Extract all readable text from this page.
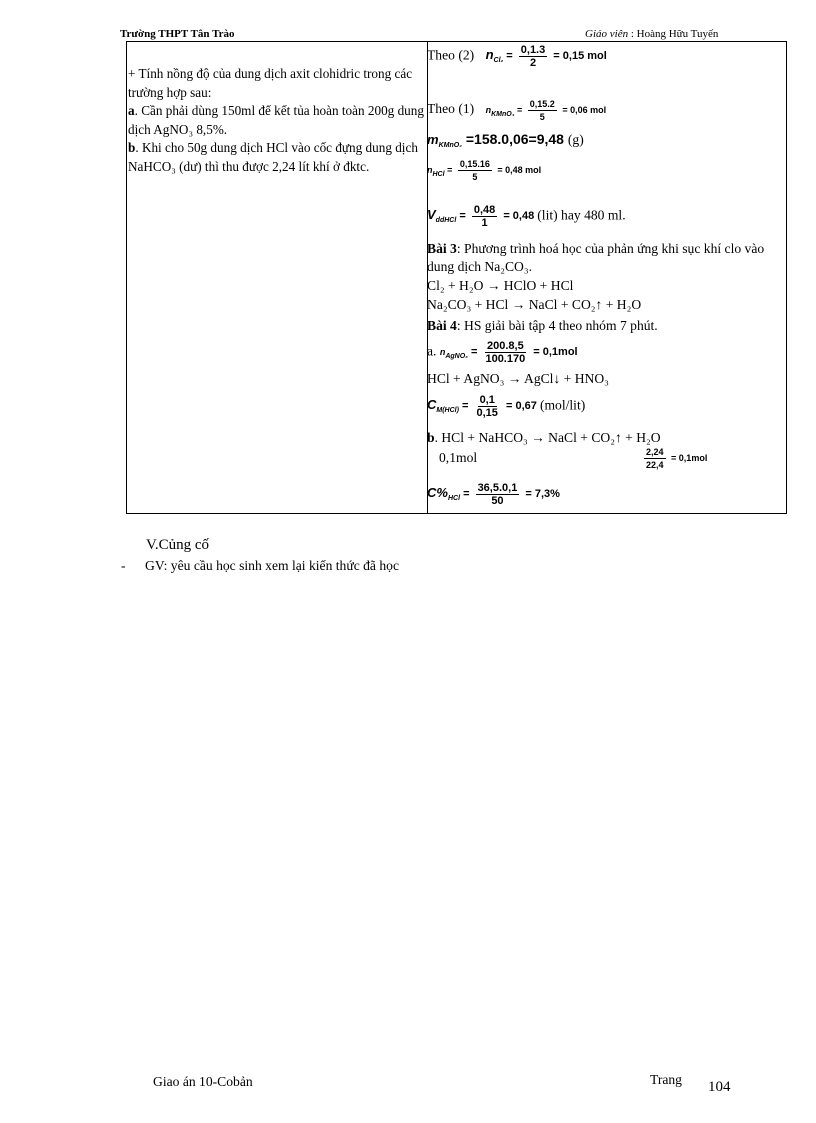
Trường THPT Tân Trào	Giáo viên : Hoàng Hữu Tuyến

+ Tính nồng độ của dung dịch axit clohidric trong các trường hợp sau:

a. Cần phải dùng 150ml để kết tủa hoàn toàn 200g dung dịch AgNO₃ 8,5%.

b. Khi cho 50g dung dịch HCl vào cốc đựng dung dịch NaHCO₃ (dư) thì thu được 2,24 lít khí ở đktc.

Theo (2) $n_{Cl_2} = \frac{0,1.3}{2} = 0,15$ mol
Theo (1) $n_{KMnO_4} = \frac{0,15.2}{5} = 0,06$ mol
$m_{KMnO_4} =158.0,06=9,48$ (g)
$n_{HCl} = \frac{0,15.16}{5} = 0,48$ mol
$V_{ddHCl} = \frac{0,48}{1} = 0,48$ (lit) hay 480 ml.
Bài 3: Phương trình hoá học của phản ứng khi sục khí clo vào dung dịch Na₂CO₃.
Cl₂ + H₂O → HClO + HCl
Na₂CO₃ + HCl → NaCl + CO₂↑ + H₂O
Bài 4: HS giải bài tập 4 theo nhóm 7 phút.
a. $n_{AgNO_3} = \frac{200.8,5}{100.170} = 0,1mol$
HCl + AgNO₃ → AgCl↓ + HNO₃
$C_{M(HCl)} = \frac{0,1}{0,15} = 0,67$ (mol/lit)
b. HCl + NaHCO₃ → NaCl + CO₂↑ + H₂O
0,1mol	$\frac{2,24}{22,4} = 0,1mol$
$C\%_{HCl} = \frac{36,5.0,1}{50} = 7,3\%$
V.Củng cố
- GV: yêu cầu học sinh xem lại kiến thức đã học
Giao án 10-Cobản	Trang 104
